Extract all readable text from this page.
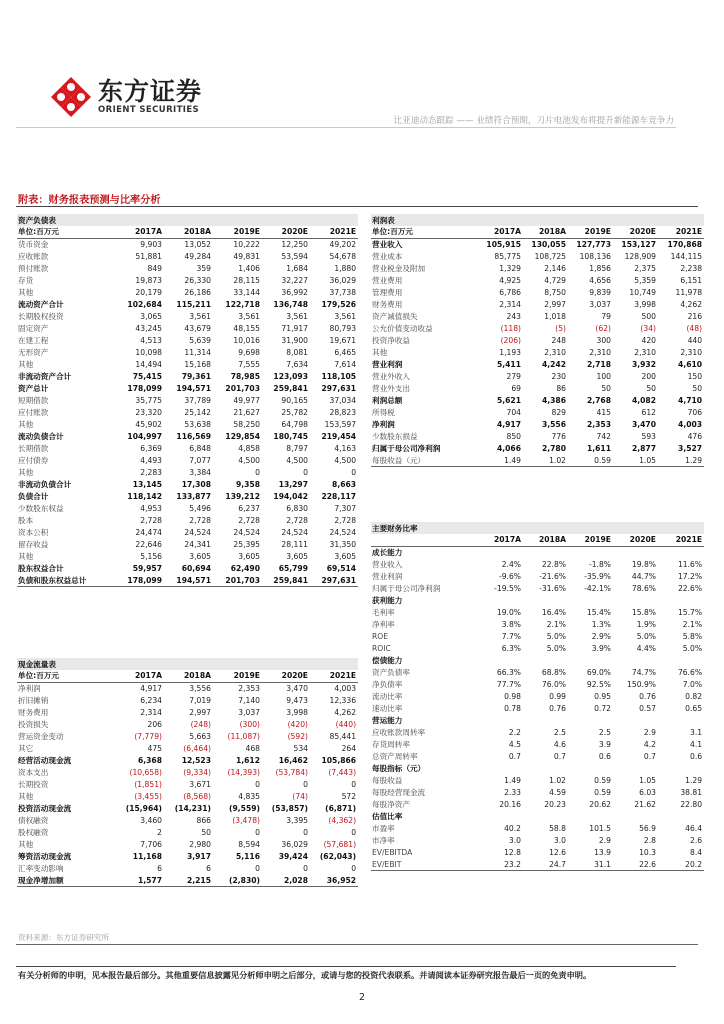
东方证券
ORIENT SECURITIES
比亚迪动态跟踪 —— 业绩符合预期，刀片电池发布将提升新能源车竞争力
附表：财务报表预测与比率分析
资产负债表					
单位:百万元	2017A	2018A	2019E	2020E	2021E
货币资金	9,903	13,052	10,222	12,250	49,202
应收账款	51,881	49,284	49,831	53,594	54,678
预付账款	849	359	1,406	1,684	1,880
存货	19,873	26,330	28,115	32,227	36,029
其他	20,179	26,186	33,144	36,992	37,738
流动资产合计	102,684	115,211	122,718	136,748	179,526
长期股权投资	3,065	3,561	3,561	3,561	3,561
固定资产	43,245	43,679	48,155	71,917	80,793
在建工程	4,513	5,639	10,016	31,900	19,671
无形资产	10,098	11,314	9,698	8,081	6,465
其他	14,494	15,168	7,555	7,634	7,614
非流动资产合计	75,415	79,361	78,985	123,093	118,105
资产总计	178,099	194,571	201,703	259,841	297,631
短期借款	35,775	37,789	49,977	90,165	37,034
应付账款	23,320	25,142	21,627	25,782	28,823
其他	45,902	53,638	58,250	64,798	153,597
流动负债合计	104,997	116,569	129,854	180,745	219,454
长期借款	6,369	6,848	4,858	8,797	4,163
应付债券	4,493	7,077	4,500	4,500	4,500
其他	2,283	3,384	0	0	0
非流动负债合计	13,145	17,308	9,358	13,297	8,663
负债合计	118,142	133,877	139,212	194,042	228,117
少数股东权益	4,953	5,496	6,237	6,830	7,307
股本	2,728	2,728	2,728	2,728	2,728
资本公积	24,474	24,524	24,524	24,524	24,524
留存收益	22,646	24,341	25,395	28,111	31,350
其他	5,156	3,605	3,605	3,605	3,605
股东权益合计	59,957	60,694	62,490	65,799	69,514
负债和股东权益总计	178,099	194,571	201,703	259,841	297,631
现金流量表					
单位:百万元	2017A	2018A	2019E	2020E	2021E
净利润	4,917	3,556	2,353	3,470	4,003
折旧摊销	6,234	7,019	7,140	9,473	12,336
财务费用	2,314	2,997	3,037	3,998	4,262
投资损失	206	(248)	(300)	(420)	(440)
营运资金变动	(7,779)	5,663	(11,087)	(592)	85,441
其它	475	(6,464)	468	534	264
经营活动现金流	6,368	12,523	1,612	16,462	105,866
资本支出	(10,658)	(9,334)	(14,393)	(53,784)	(7,443)
长期投资	(1,851)	3,671	0	0	0
其他	(3,455)	(8,568)	4,835	(74)	572
投资活动现金流	(15,964)	(14,231)	(9,559)	(53,857)	(6,871)
债权融资	3,460	866	(3,478)	3,395	(4,362)
股权融资	2	50	0	0	0
其他	7,706	2,980	8,594	36,029	(57,681)
筹资活动现金流	11,168	3,917	5,116	39,424	(62,043)
汇率变动影响	6	6	0	0	0
现金净增加额	1,577	2,215	(2,830)	2,028	36,952
利润表					
单位:百万元	2017A	2018A	2019E	2020E	2021E
营业收入	105,915	130,055	127,773	153,127	170,868
营业成本	85,775	108,725	108,136	128,909	144,115
营业税金及附加	1,329	2,146	1,856	2,375	2,238
营业费用	4,925	4,729	4,656	5,359	6,151
管理费用	6,786	8,750	9,839	10,749	11,978
财务费用	2,314	2,997	3,037	3,998	4,262
资产减值损失	243	1,018	79	500	216
公允价值变动收益	(118)	(5)	(62)	(34)	(48)
投资净收益	(206)	248	300	420	440
其他	1,193	2,310	2,310	2,310	2,310
营业利润	5,411	4,242	2,718	3,932	4,610
营业外收入	279	230	100	200	150
营业外支出	69	86	50	50	50
利润总额	5,621	4,386	2,768	4,082	4,710
所得税	704	829	415	612	706
净利润	4,917	3,556	2,353	3,470	4,003
少数股东损益	850	776	742	593	476
归属于母公司净利润	4,066	2,780	1,611	2,877	3,527
每股收益（元）	1.49	1.02	0.59	1.05	1.29
主要财务比率					
	2017A	2018A	2019E	2020E	2021E
成长能力					
营业收入	2.4%	22.8%	-1.8%	19.8%	11.6%
营业利润	-9.6%	-21.6%	-35.9%	44.7%	17.2%
归属于母公司净利润	-19.5%	-31.6%	-42.1%	78.6%	22.6%
获利能力					
毛利率	19.0%	16.4%	15.4%	15.8%	15.7%
净利率	3.8%	2.1%	1.3%	1.9%	2.1%
ROE	7.7%	5.0%	2.9%	5.0%	5.8%
ROIC	6.3%	5.0%	3.9%	4.4%	5.0%
偿债能力					
资产负债率	66.3%	68.8%	69.0%	74.7%	76.6%
净负债率	77.7%	76.0%	92.5%	150.9%	7.0%
流动比率	0.98	0.99	0.95	0.76	0.82
速动比率	0.78	0.76	0.72	0.57	0.65
营运能力					
应收账款周转率	2.2	2.5	2.5	2.9	3.1
存货周转率	4.5	4.6	3.9	4.2	4.1
总资产周转率	0.7	0.7	0.6	0.7	0.6
每股指标（元）					
每股收益	1.49	1.02	0.59	1.05	1.29
每股经营现金流	2.33	4.59	0.59	6.03	38.81
每股净资产	20.16	20.23	20.62	21.62	22.80
估值比率					
市盈率	40.2	58.8	101.5	56.9	46.4
市净率	3.0	3.0	2.9	2.8	2.6
EV/EBITDA	12.8	12.6	13.9	10.3	8.4
EV/EBIT	23.2	24.7	31.1	22.6	20.2
资料来源：东方证券研究所
有关分析师的申明，见本报告最后部分。其他重要信息披露见分析师申明之后部分，或请与您的投资代表联系。并请阅读本证券研究报告最后一页的免责申明。
2
